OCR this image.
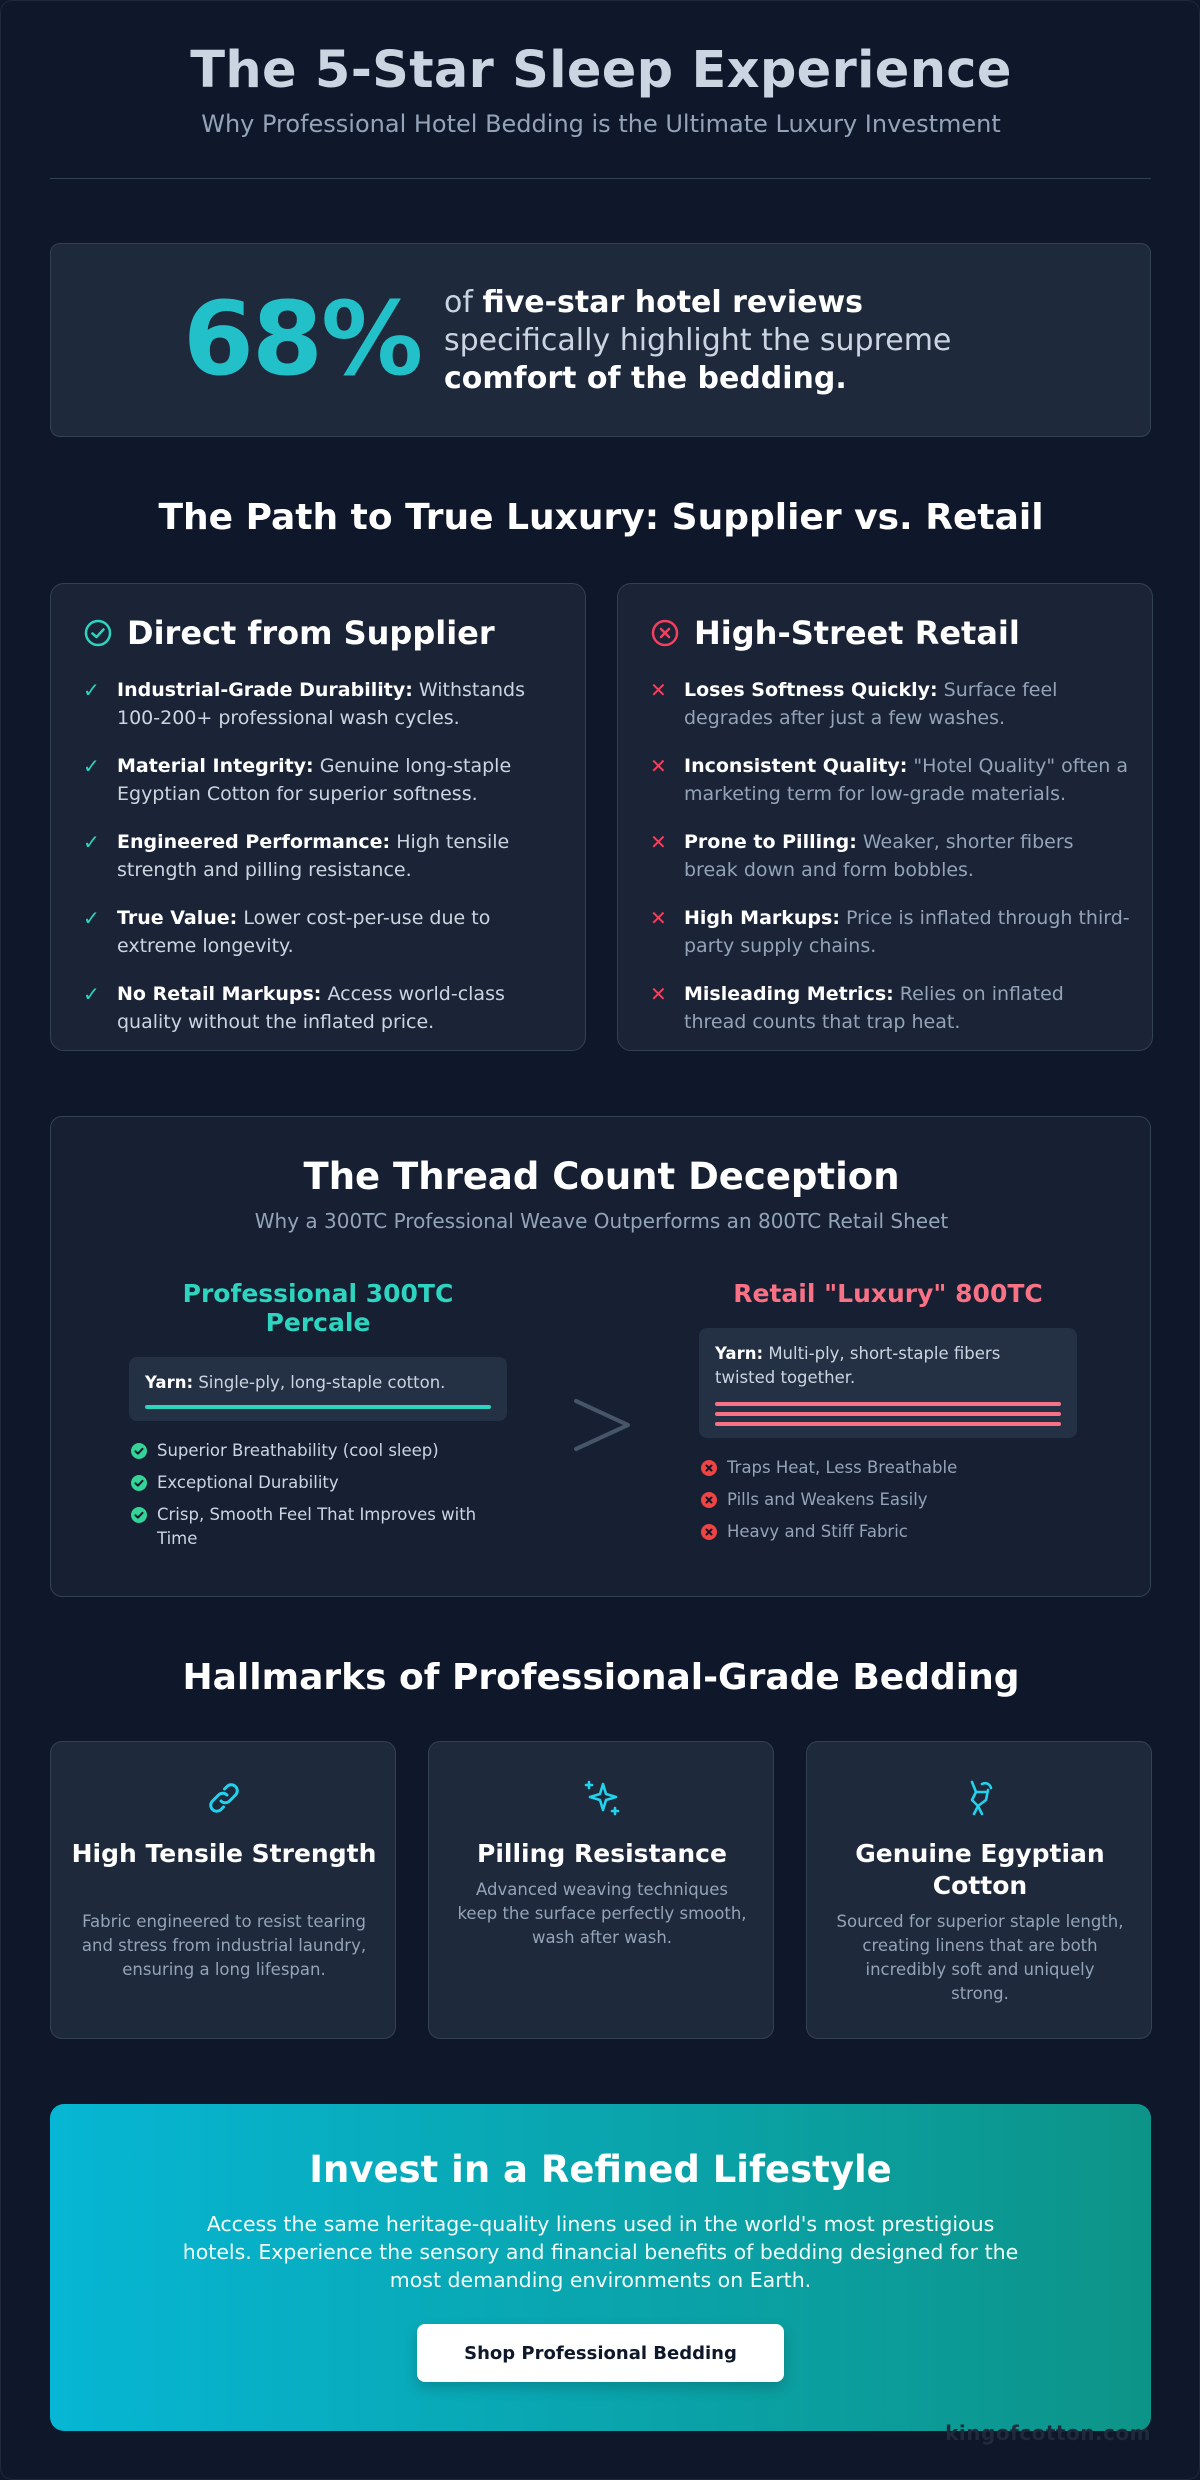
The 5-Star Sleep Experience
Why Professional Hotel Bedding is the Ultimate Luxury Investment
68% of five-star hotel reviews
specifically highlight the supreme
comfort of the bedding.
The Path to True Luxury: Supplier vs. Retail
Direct from Supplier
✓ Industrial-Grade Durability: Withstands 100-200+ professional wash cycles.
✓ Material Integrity: Genuine long-staple Egyptian Cotton for superior softness.
✓ Engineered Performance: High tensile strength and pilling resistance.
✓ True Value: Lower cost-per-use due to extreme longevity.
✓ No Retail Markups: Access world-class quality without the inflated price.
High-Street Retail
✕ Loses Softness Quickly: Surface feel degrades after just a few washes.
✕ Inconsistent Quality: "Hotel Quality" often a marketing term for low-grade materials.
✕ Prone to Pilling: Weaker, shorter fibers break down and form bobbles.
✕ High Markups: Price is inflated through third-party supply chains.
✕ Misleading Metrics: Relies on inflated thread counts that trap heat.
The Thread Count Deception
Why a 300TC Professional Weave Outperforms an 800TC Retail Sheet
Professional 300TC Percale
Yarn: Single-ply, long-staple cotton.
Superior Breathability (cool sleep)
Exceptional Durability
Crisp, Smooth Feel That Improves with Time
Retail "Luxury" 800TC
Yarn: Multi-ply, short-staple fibers twisted together.
Traps Heat, Less Breathable
Pills and Weakens Easily
Heavy and Stiff Fabric
Hallmarks of Professional-Grade Bedding
High Tensile Strength
Fabric engineered to resist tearing and stress from industrial laundry, ensuring a long lifespan.
Pilling Resistance
Advanced weaving techniques keep the surface perfectly smooth, wash after wash.
Genuine Egyptian Cotton
Sourced for superior staple length, creating linens that are both incredibly soft and uniquely strong.
Invest in a Refined Lifestyle
Access the same heritage-quality linens used in the world's most prestigious hotels. Experience the sensory and financial benefits of bedding designed for the most demanding environments on Earth.
Shop Professional Bedding
kingofcotton.com
